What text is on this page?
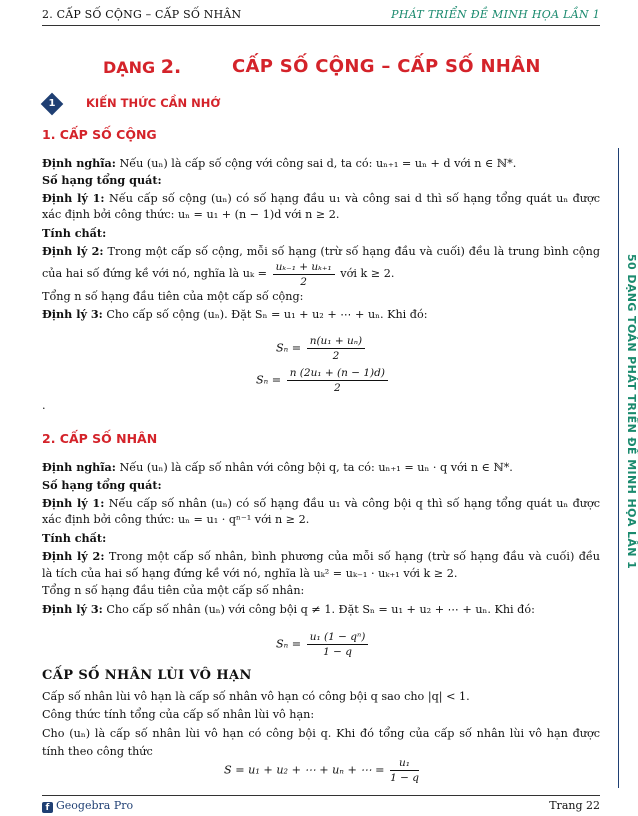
2. CẤP SỐ CỘNG – CẤP SỐ NHÂN	PHÁT TRIỂN ĐỀ MINH HỌA LẦN 1
DẠNG 2.	CẤP SỐ CỘNG – CẤP SỐ NHÂN
1	KIẾN THỨC CẦN NHỚ
1. CẤP SỐ CỘNG
Định nghĩa: Nếu (uₙ) là cấp số cộng với công sai d, ta có: uₙ₊₁ = uₙ + d với n ∈ ℕ*.
Số hạng tổng quát:
Định lý 1: Nếu cấp số cộng (uₙ) có số hạng đầu u₁ và công sai d thì số hạng tổng quát uₙ được
xác định bởi công thức: uₙ = u₁ + (n − 1)d với n ≥ 2.
Tính chất:
Định lý 2: Trong một cấp số cộng, mỗi số hạng (trừ số hạng đầu và cuối) đều là trung bình cộng
của hai số đứng kề với nó, nghĩa là $u_k = \frac{\text{uₖ₋₁ + uₖ₊₁}}{2}$ với k ≥ 2.
Tổng n số hạng đầu tiên của một cấp số cộng:
Định lý 3: Cho cấp số cộng (uₙ). Đặt Sₙ = u₁ + u₂ + ⋯ + uₙ. Khi đó:
$S_n = \frac{\text{n(u₁ + uₙ)}}{2}$
$S_n = \frac{\text{n (2u₁ + (n − 1)d)}}{2}$
.
2. CẤP SỐ NHÂN
Định nghĩa: Nếu (uₙ) là cấp số nhân với công bội q, ta có: uₙ₊₁ = uₙ · q với n ∈ ℕ*.
Số hạng tổng quát:
Định lý 1: Nếu cấp số nhân (uₙ) có số hạng đầu u₁ và công bội q thì số hạng tổng quát uₙ được
xác định bởi công thức: uₙ = u₁ · qⁿ⁻¹ với n ≥ 2.
Tính chất:
Định lý 2: Trong một cấp số nhân, bình phương của mỗi số hạng (trừ số hạng đầu và cuối) đều
là tích của hai số hạng đứng kề với nó, nghĩa là uₖ² = uₖ₋₁ · uₖ₊₁ với k ≥ 2.
Tổng n số hạng đầu tiên của một cấp số nhân:
Định lý 3: Cho cấp số nhân (uₙ) với công bội q ≠ 1. Đặt Sₙ = u₁ + u₂ + ⋯ + uₙ. Khi đó:
$S_n = \frac{\text{u₁ (1 − qⁿ)}}{1 - q}$
CẤP SỐ NHÂN LÙI VÔ HẠN
Cấp số nhân lùi vô hạn là cấp số nhân vô hạn có công bội q sao cho |q| < 1.
Công thức tính tổng của cấp số nhân lùi vô hạn:
Cho (uₙ) là cấp số nhân lùi vô hạn có công bội q. Khi đó tổng của cấp số nhân lùi vô hạn được
tính theo công thức
S = u₁ + u₂ + ⋯ + uₙ + ⋯ = $\frac{\text{u₁}}{1 - q}$
50 DẠNG TOÁN PHÁT TRIỂN ĐỀ MINH HỌA LẦN 1
f Geogebra Pro	Trang 22
